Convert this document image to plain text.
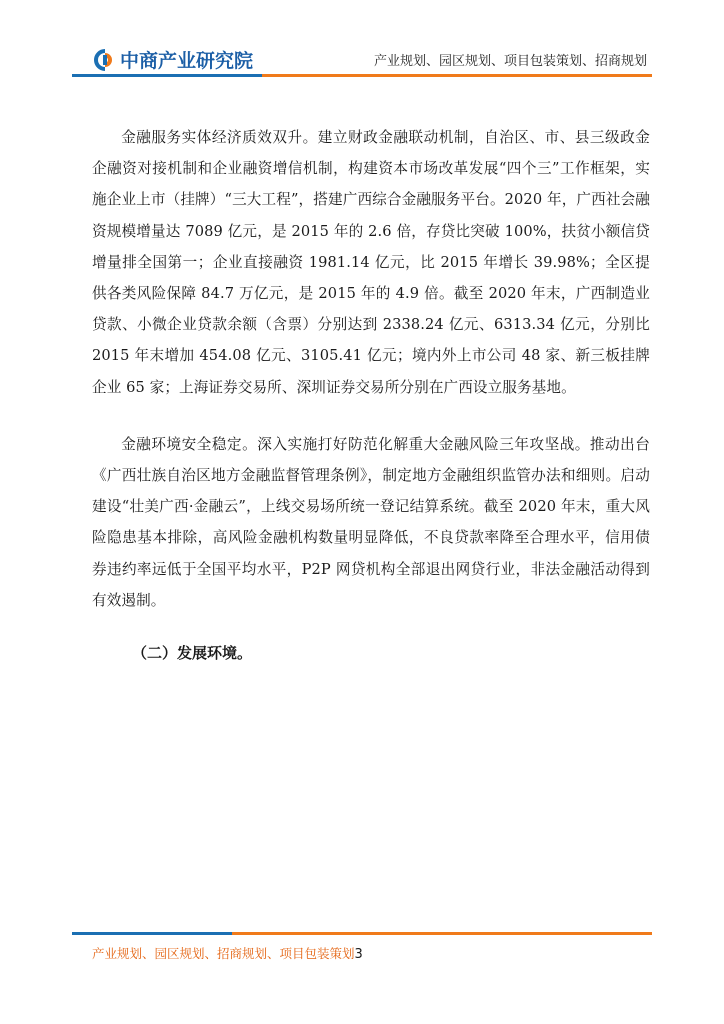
中商产业研究院	产业规划、园区规划、项目包装策划、招商规划

金融服务实体经济质效双升。建立财政金融联动机制，自治区、市、县三级政金企融资对接机制和企业融资增信机制，构建资本市场改革发展“四个三”工作框架，实施企业上市（挂牌）“三大工程”，搭建广西综合金融服务平台。2020 年，广西社会融资规模增量达 7089 亿元，是 2015 年的 2.6 倍，存贷比突破 100%，扶贫小额信贷增量排全国第一；企业直接融资 1981.14 亿元，比 2015 年增长 39.98%；全区提供各类风险保障 84.7 万亿元，是 2015 年的 4.9 倍。截至 2020 年末，广西制造业贷款、小微企业贷款余额（含票）分别达到 2338.24 亿元、6313.34 亿元，分别比 2015 年末增加 454.08 亿元、3105.41 亿元；境内外上市公司 48 家、新三板挂牌企业 65 家；上海证券交易所、深圳证券交易所分别在广西设立服务基地。

金融环境安全稳定。深入实施打好防范化解重大金融风险三年攻坚战。推动出台《广西壮族自治区地方金融监督管理条例》，制定地方金融组织监管办法和细则。启动建设“壮美广西·金融云”，上线交易场所统一登记结算系统。截至 2020 年末，重大风险隐患基本排除，高风险金融机构数量明显降低，不良贷款率降至合理水平，信用债券违约率远低于全国平均水平，P2P 网贷机构全部退出网贷行业，非法金融活动得到有效遏制。

（二）发展环境。

产业规划、园区规划、招商规划、项目包装策划3
